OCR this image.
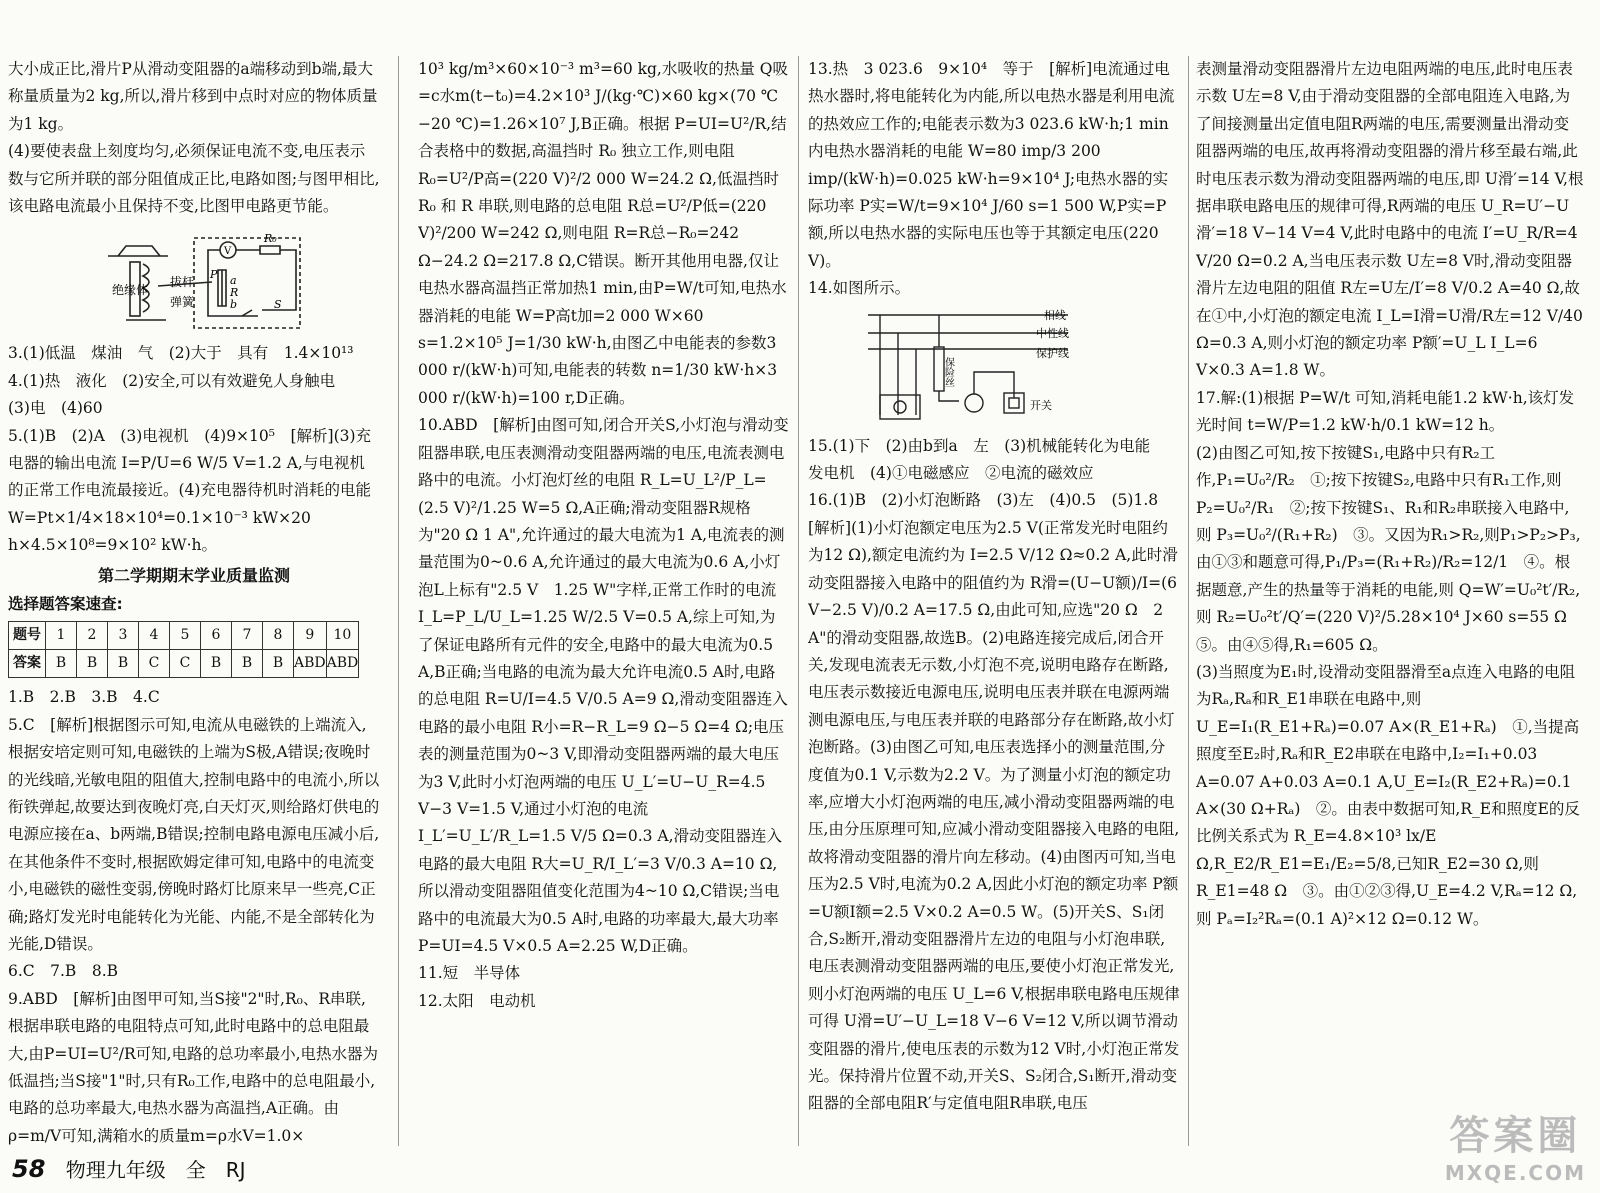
大小成正比,滑片P从滑动变阻器的a端移动到b端,最大称量质量为2 kg,所以,滑片移到中点时对应的物体质量为1 kg。

(4)要使表盘上刻度均匀,必须保证电流不变,电压表示数与它所并联的部分阻值成正比,电路如图;与图甲相比,该电路电流最小且保持不变,比图甲电路更节能。

绝缘体
拔杆
弹簧
V
R₀
a
R
b
P
S

3.(1)低温　煤油　气　(2)大于　具有　1.4×10¹³

4.(1)热　液化　(2)安全,可以有效避免人身触电

(3)电　(4)60

5.(1)B　(2)A　(3)电视机　(4)9×10⁵　[解析](3)充电器的输出电流 I=P/U=6 W/5 V=1.2 A,与电视机的正常工作电流最接近。(4)充电器待机时消耗的电能 W=Pt×1/4×18×10⁴=0.1×10⁻³ kW×20 h×4.5×10⁸=9×10² kW·h。

第二学期期末学业质量监测

选择题答案速查:

题号	1	2	3	4	5	6	7	8	9	10
答案	B	B	B	C	C	B	B	B	ABD	ABD

1.B　2.B　3.B　4.C

5.C　[解析]根据图示可知,电流从电磁铁的上端流入,根据安培定则可知,电磁铁的上端为S极,A错误;夜晚时的光线暗,光敏电阻的阻值大,控制电路中的电流小,所以衔铁弹起,故要达到夜晚灯亮,白天灯灭,则给路灯供电的电源应接在a、b两端,B错误;控制电路电源电压减小后,在其他条件不变时,根据欧姆定律可知,电路中的电流变小,电磁铁的磁性变弱,傍晚时路灯比原来早一些亮,C正确;路灯发光时电能转化为光能、内能,不是全部转化为光能,D错误。

6.C　7.B　8.B

9.ABD　[解析]由图甲可知,当S接"2"时,R₀、R串联,根据串联电路的电阻特点可知,此时电路中的总电阻最大,由P=UI=U²/R可知,电路的总功率最小,电热水器为低温挡;当S接"1"时,只有R₀工作,电路中的总电阻最小,电路的总功率最大,电热水器为高温挡,A正确。由ρ=m/V可知,满箱水的质量m=ρ水V=1.0×

10³ kg/m³×60×10⁻³ m³=60 kg,水吸收的热量 Q吸=c水m(t−t₀)=4.2×10³ J/(kg·℃)×60 kg×(70 ℃−20 ℃)=1.26×10⁷ J,B正确。根据 P=UI=U²/R,结合表格中的数据,高温挡时 R₀ 独立工作,则电阻 R₀=U²/P高=(220 V)²/2 000 W=24.2 Ω,低温挡时 R₀ 和 R 串联,则电路的总电阻 R总=U²/P低=(220 V)²/200 W=242 Ω,则电阻 R=R总−R₀=242 Ω−24.2 Ω=217.8 Ω,C错误。断开其他用电器,仅让电热水器高温挡正常加热1 min,由P=W/t可知,电热水器消耗的电能 W=P高t加=2 000 W×60 s=1.2×10⁵ J=1/30 kW·h,由图乙中电能表的参数3 000 r/(kW·h)可知,电能表的转数 n=1/30 kW·h×3 000 r/(kW·h)=100 r,D正确。

10.ABD　[解析]由图可知,闭合开关S,小灯泡与滑动变阻器串联,电压表测滑动变阻器两端的电压,电流表测电路中的电流。小灯泡灯丝的电阻 R_L=U_L²/P_L=(2.5 V)²/1.25 W=5 Ω,A正确;滑动变阻器R规格为"20 Ω 1 A",允许通过的最大电流为1 A,电流表的测量范围为0~0.6 A,允许通过的最大电流为0.6 A,小灯泡L上标有"2.5 V　1.25 W"字样,正常工作时的电流 I_L=P_L/U_L=1.25 W/2.5 V=0.5 A,综上可知,为了保证电路所有元件的安全,电路中的最大电流为0.5 A,B正确;当电路的电流为最大允许电流0.5 A时,电路的总电阻 R=U/I=4.5 V/0.5 A=9 Ω,滑动变阻器连入电路的最小电阻 R小=R−R_L=9 Ω−5 Ω=4 Ω;电压表的测量范围为0~3 V,即滑动变阻器两端的最大电压为3 V,此时小灯泡两端的电压 U_L′=U−U_R=4.5 V−3 V=1.5 V,通过小灯泡的电流 I_L′=U_L′/R_L=1.5 V/5 Ω=0.3 A,滑动变阻器连入电路的最大电阻 R大=U_R/I_L′=3 V/0.3 A=10 Ω,所以滑动变阻器阻值变化范围为4~10 Ω,C错误;当电路中的电流最大为0.5 A时,电路的功率最大,最大功率 P=UI=4.5 V×0.5 A=2.25 W,D正确。

11.短　半导体

12.太阳　电动机

13.热　3 023.6　9×10⁴　等于　[解析]电流通过电热水器时,将电能转化为内能,所以电热水器是利用电流的热效应工作的;电能表示数为3 023.6 kW·h;1 min内电热水器消耗的电能 W=80 imp/3 200 imp/(kW·h)=0.025 kW·h=9×10⁴ J;电热水器的实际功率 P实=W/t=9×10⁴ J/60 s=1 500 W,P实=P额,所以电热水器的实际电压也等于其额定电压(220 V)。

14.如图所示。

相线
中性线
保护线
保险丝
开关

15.(1)下　(2)由b到a　左　(3)机械能转化为电能　发电机　(4)①电磁感应　②电流的磁效应

16.(1)B　(2)小灯泡断路　(3)左　(4)0.5　(5)1.8

[解析](1)小灯泡额定电压为2.5 V(正常发光时电阻约为12 Ω),额定电流约为 I=2.5 V/12 Ω≈0.2 A,此时滑动变阻器接入电路中的阻值约为 R滑=(U−U额)/I=(6 V−2.5 V)/0.2 A=17.5 Ω,由此可知,应选"20 Ω　2 A"的滑动变阻器,故选B。(2)电路连接完成后,闭合开关,发现电流表无示数,小灯泡不亮,说明电路存在断路,电压表示数接近电源电压,说明电压表并联在电源两端测电源电压,与电压表并联的电路部分存在断路,故小灯泡断路。(3)由图乙可知,电压表选择小的测量范围,分度值为0.1 V,示数为2.2 V。为了测量小灯泡的额定功率,应增大小灯泡两端的电压,减小滑动变阻器两端的电压,由分压原理可知,应减小滑动变阻器接入电路的电阻,故将滑动变阻器的滑片向左移动。(4)由图丙可知,当电压为2.5 V时,电流为0.2 A,因此小灯泡的额定功率 P额=U额I额=2.5 V×0.2 A=0.5 W。(5)开关S、S₁闭合,S₂断开,滑动变阻器滑片左边的电阻与小灯泡串联,电压表测滑动变阻器两端的电压,要使小灯泡正常发光,则小灯泡两端的电压 U_L=6 V,根据串联电路电压规律可得 U滑=U′−U_L=18 V−6 V=12 V,所以调节滑动变阻器的滑片,使电压表的示数为12 V时,小灯泡正常发光。保持滑片位置不动,开关S、S₂闭合,S₁断开,滑动变阻器的全部电阻R′与定值电阻R串联,电压

表测量滑动变阻器滑片左边电阻两端的电压,此时电压表示数 U左=8 V,由于滑动变阻器的全部电阻连入电路,为了间接测量出定值电阻R两端的电压,需要测量出滑动变阻器两端的电压,故再将滑动变阻器的滑片移至最右端,此时电压表示数为滑动变阻器两端的电压,即 U滑′=14 V,根据串联电路电压的规律可得,R两端的电压 U_R=U′−U滑′=18 V−14 V=4 V,此时电路中的电流 I′=U_R/R=4 V/20 Ω=0.2 A,当电压表示数 U左=8 V时,滑动变阻器滑片左边电阻的阻值 R左=U左/I′=8 V/0.2 A=40 Ω,故在①中,小灯泡的额定电流 I_L=I滑=U滑/R左=12 V/40 Ω=0.3 A,则小灯泡的额定功率 P额′=U_L I_L=6 V×0.3 A=1.8 W。

17.解:(1)根据 P=W/t 可知,消耗电能1.2 kW·h,该灯发光时间 t=W/P=1.2 kW·h/0.1 kW=12 h。

(2)由图乙可知,按下按键S₁,电路中只有R₂工作,P₁=U₀²/R₂　①;按下按键S₂,电路中只有R₁工作,则 P₂=U₀²/R₁　②;按下按键S₁、R₁和R₂串联接入电路中,则 P₃=U₀²/(R₁+R₂)　③。又因为R₁>R₂,则P₁>P₂>P₃,由①③和题意可得,P₁/P₃=(R₁+R₂)/R₂=12/1　④。根据题意,产生的热量等于消耗的电能,则 Q=W′=U₀²t′/R₂,则 R₂=U₀²t′/Q′=(220 V)²/5.28×10⁴ J×60 s=55 Ω　⑤。由④⑤得,R₁=605 Ω。

(3)当照度为E₁时,设滑动变阻器滑至a点连入电路的电阻为Rₐ,Rₐ和R_E1串联在电路中,则 U_E=I₁(R_E1+Rₐ)=0.07 A×(R_E1+Rₐ)　①,当提高照度至E₂时,Rₐ和R_E2串联在电路中,I₂=I₁+0.03 A=0.07 A+0.03 A=0.1 A,U_E=I₂(R_E2+Rₐ)=0.1 A×(30 Ω+Rₐ)　②。由表中数据可知,R_E和照度E的反比例关系式为 R_E=4.8×10³ lx/E Ω,R_E2/R_E1=E₁/E₂=5/8,已知R_E2=30 Ω,则R_E1=48 Ω　③。由①②③得,U_E=4.2 V,Rₐ=12 Ω,则 Pₐ=I₂²Rₐ=(0.1 A)²×12 Ω=0.12 W。

58 物理九年级　全　RJ
答案圈
MXQE.COM
